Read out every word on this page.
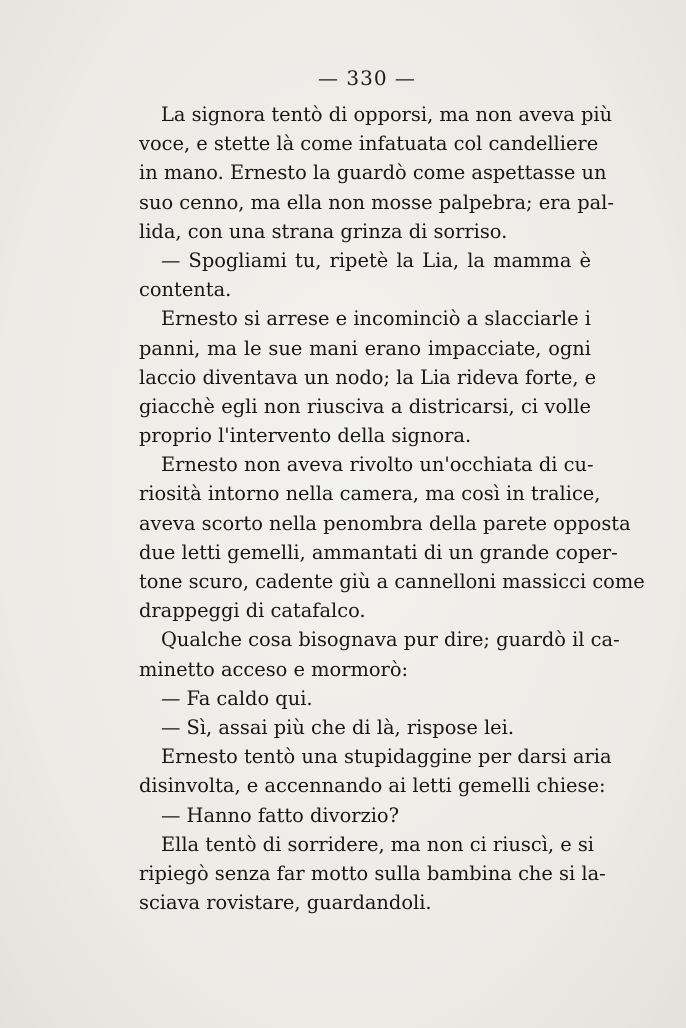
— 330 —
La signora tentò di opporsi, ma non aveva più
voce, e stette là come infatuata col candelliere
in mano. Ernesto la guardò come aspettasse un
suo cenno, ma ella non mosse palpebra; era pal-
lida, con una strana grinza di sorriso.
— Spogliami tu, ripetè la Lia, la mamma è
contenta.
Ernesto si arrese e incominciò a slacciarle i
panni, ma le sue mani erano impacciate, ogni
laccio diventava un nodo; la Lia rideva forte, e
giacchè egli non riusciva a districarsi, ci volle
proprio l'intervento della signora.
Ernesto non aveva rivolto un'occhiata di cu-
riosità intorno nella camera, ma così in tralice,
aveva scorto nella penombra della parete opposta
due letti gemelli, ammantati di un grande coper-
tone scuro, cadente giù a cannelloni massicci come
drappeggi di catafalco.
Qualche cosa bisognava pur dire; guardò il ca-
minetto acceso e mormorò:
— Fa caldo qui.
— Sì, assai più che di là, rispose lei.
Ernesto tentò una stupidaggine per darsi aria
disinvolta, e accennando ai letti gemelli chiese:
— Hanno fatto divorzio?
Ella tentò di sorridere, ma non ci riuscì, e si
ripiegò senza far motto sulla bambina che si la-
sciava rovistare, guardandoli.
